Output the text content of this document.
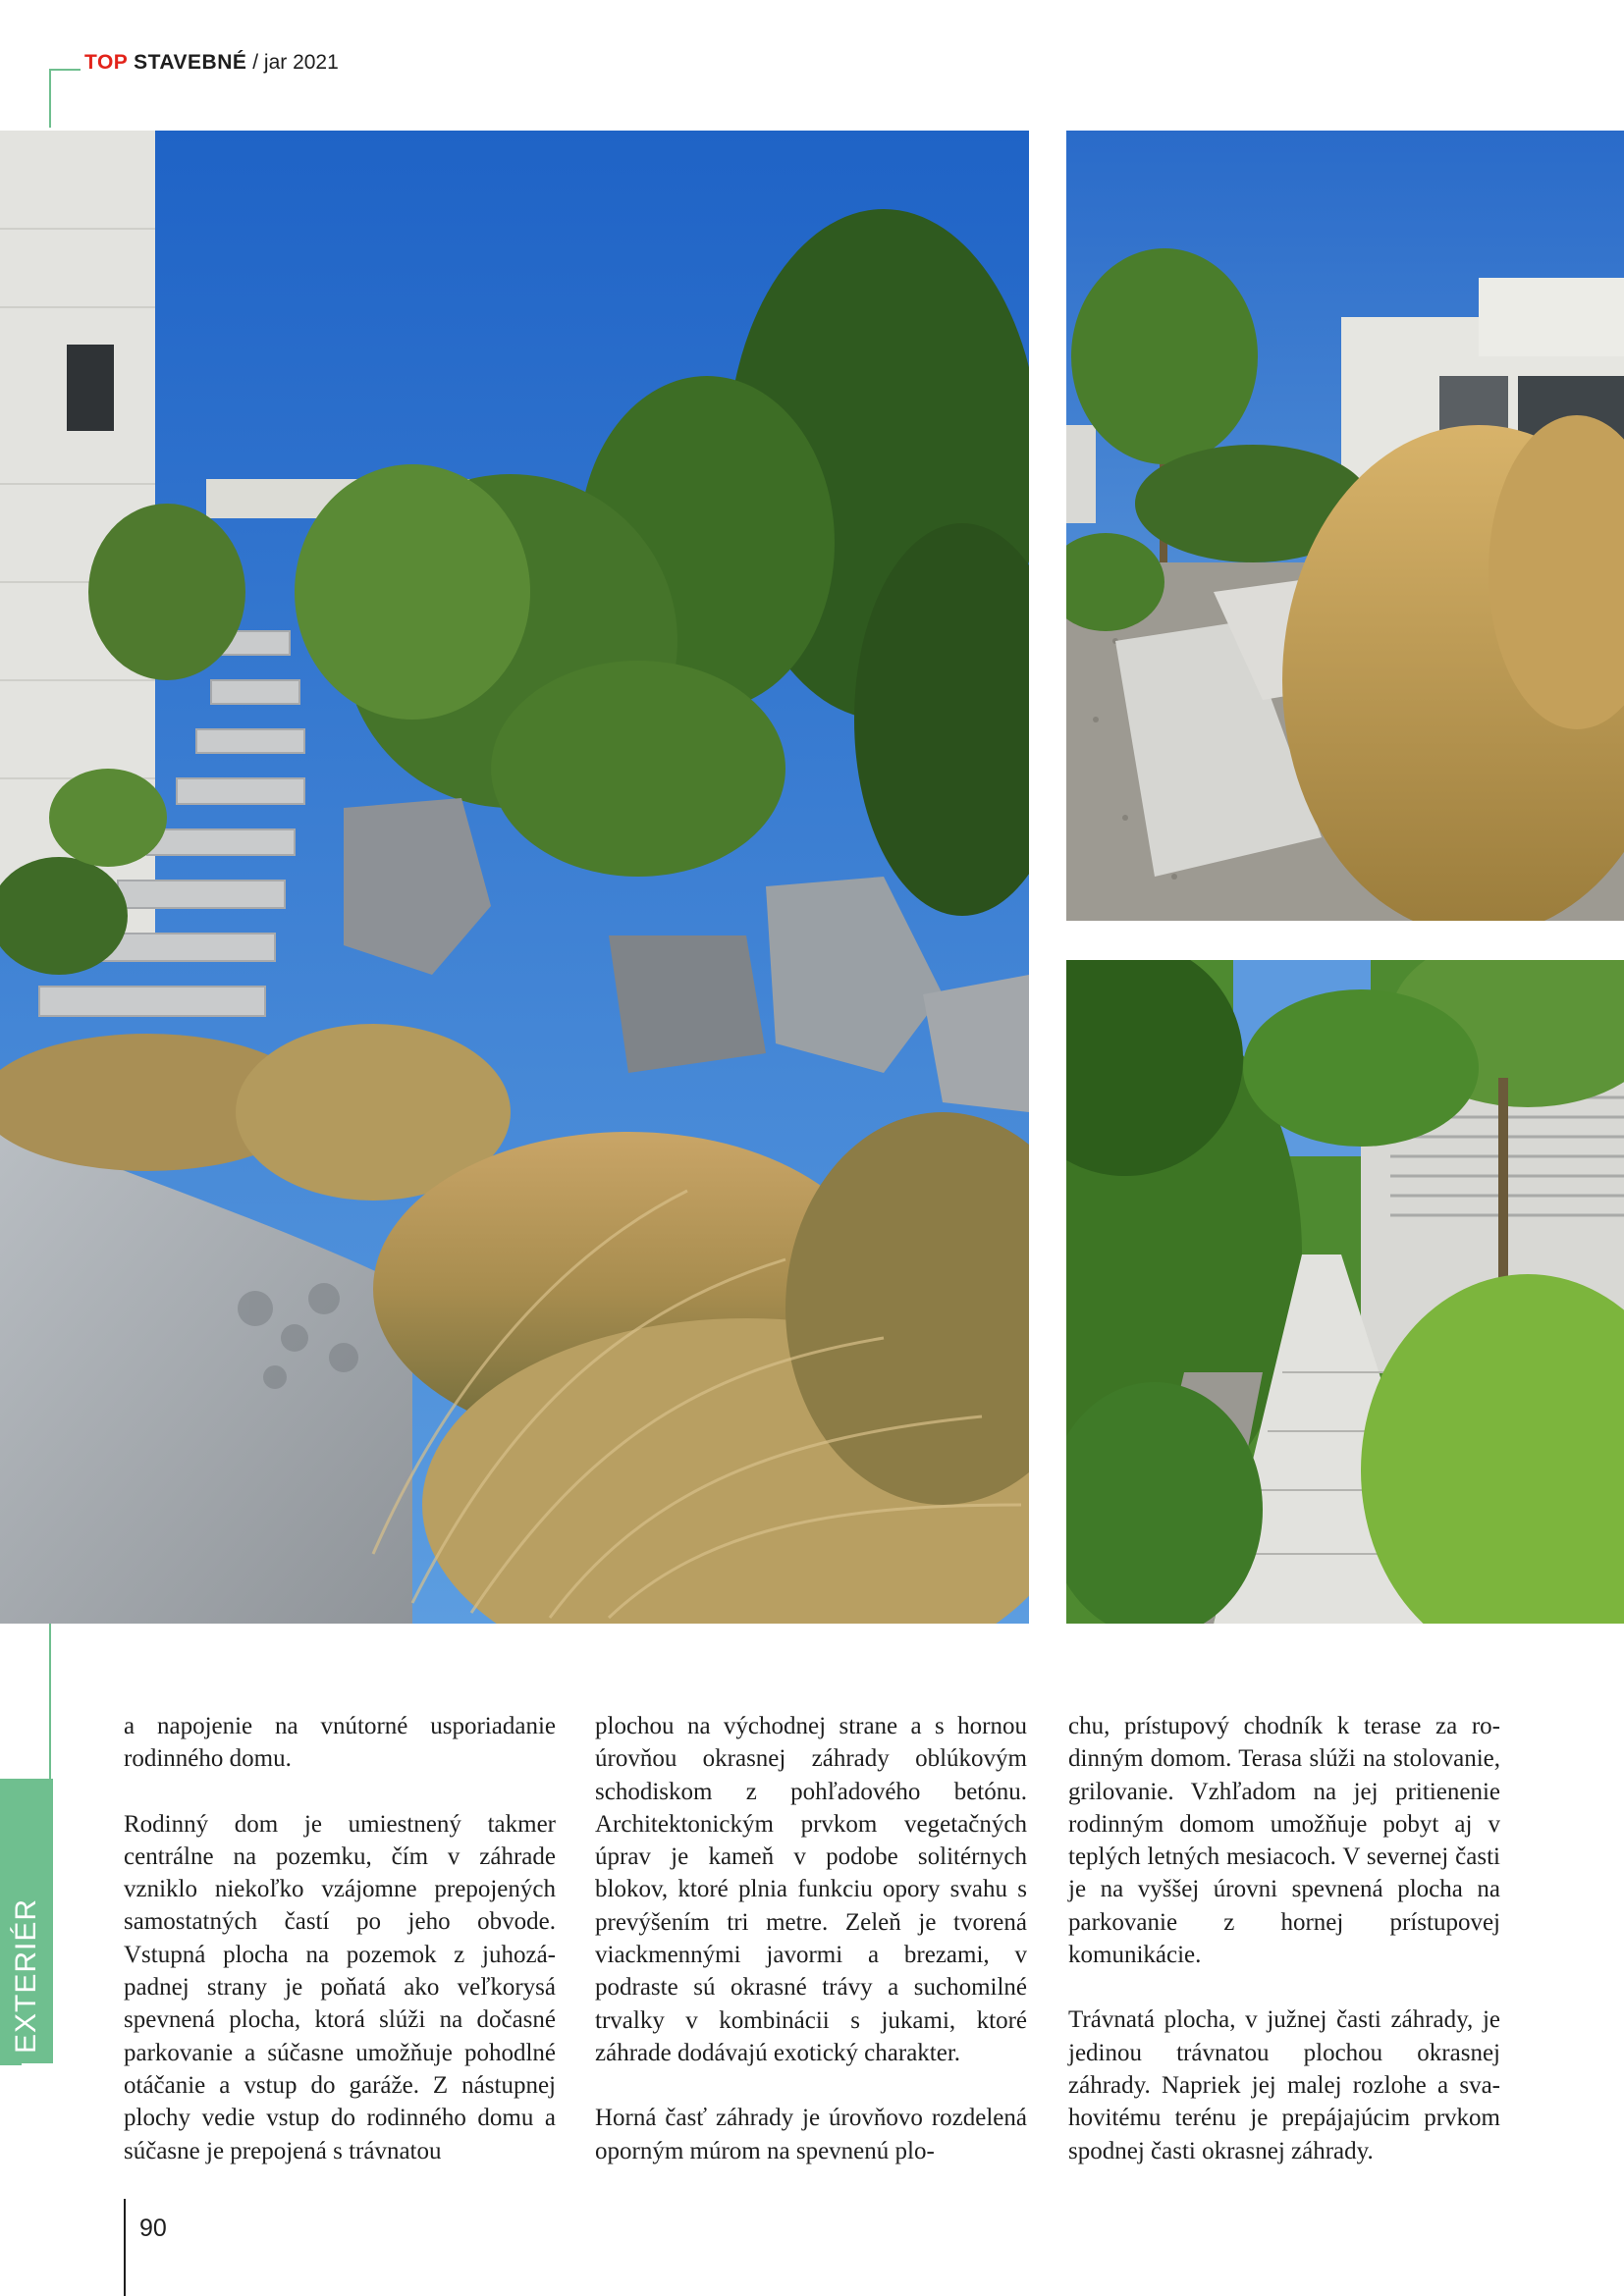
TOP STAVEBNÉ / jar 2021
EXTERIÉR

a napojenie na vnútorné usporiadanie rodinného domu.

Rodinný dom je umiestnený takmer centrálne na pozemku, čím v záhrade vzniklo niekoľko vzájomne prepojených samostatných častí po jeho obvode. Vstupná plocha na pozemok z juhozápadnej strany je poňatá ako veľkorysá spevnená plocha, ktorá slúži na dočasné parkovanie a súčasne umožňuje pohodlné otáčanie a vstup do garáže. Z nástupnej plochy vedie vstup do rodinného domu a súčasne je prepojená s trávnatou

plochou na východnej strane a s hornou úrovňou okrasnej záhrady oblúkovým schodiskom z pohľadového betónu. Architektonickým prvkom vegetačných úprav je kameň v podobe solitérnych blokov, ktoré plnia funkciu opory svahu s prevýšením tri metre. Zeleň je tvorená viackmennými javormi a brezami, v podraste sú okrasné trávy a suchomilné trvalky v kombinácii s jukami, ktoré záhrade dodávajú exotický charakter.

Horná časť záhrady je úrovňovo rozdelená oporným múrom na spevnenú plo-

chu, prístupový chodník k terase za rodinným domom. Terasa slúži na stolovanie, grilovanie. Vzhľadom na jej pritienenie rodinným domom umožňuje pobyt aj v teplých letných mesiacoch. V severnej časti je na vyššej úrovni spevnená plocha na parkovanie z hornej prístupovej komunikácie.

Trávnatá plocha, v južnej časti záhrady, je jedinou trávnatou plochou okrasnej záhrady. Napriek jej malej rozlohe a svahovitému terénu je prepájajúcim prvkom spodnej časti okrasnej záhrady.

90
